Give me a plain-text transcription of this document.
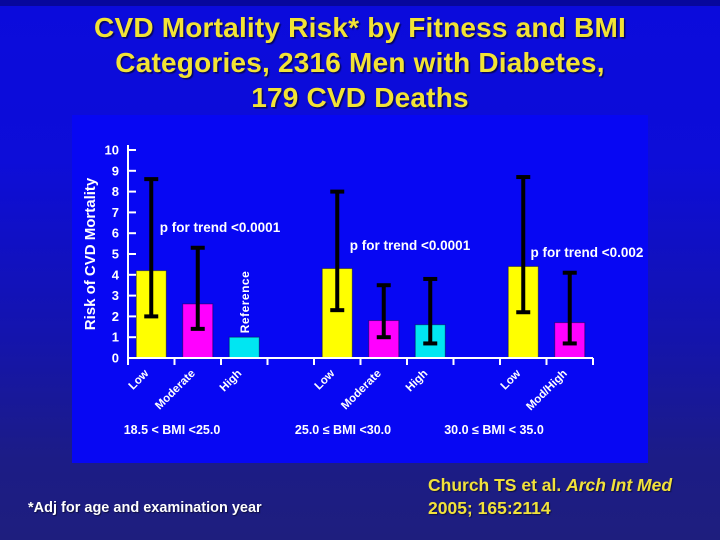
CVD Mortality Risk* by Fitness and BMI
Categories, 2316 Men with Diabetes,
179 CVD Deaths
Low Moderate
Reference
High
18.5 < BMI <25.0
p for trend <0.0001
Low Moderate High
25.0 ≤ BMI <30.0
p for trend <0.0001
Low Mod/High
30.0 ≤ BMI < 35.0
p for trend <0.002
0
1
2
3
4
5
6
7
8
9
10
Risk of CVD Mortality
*Adj for age and examination year
Church TS et al. Arch Int Med
2005; 165:2114
